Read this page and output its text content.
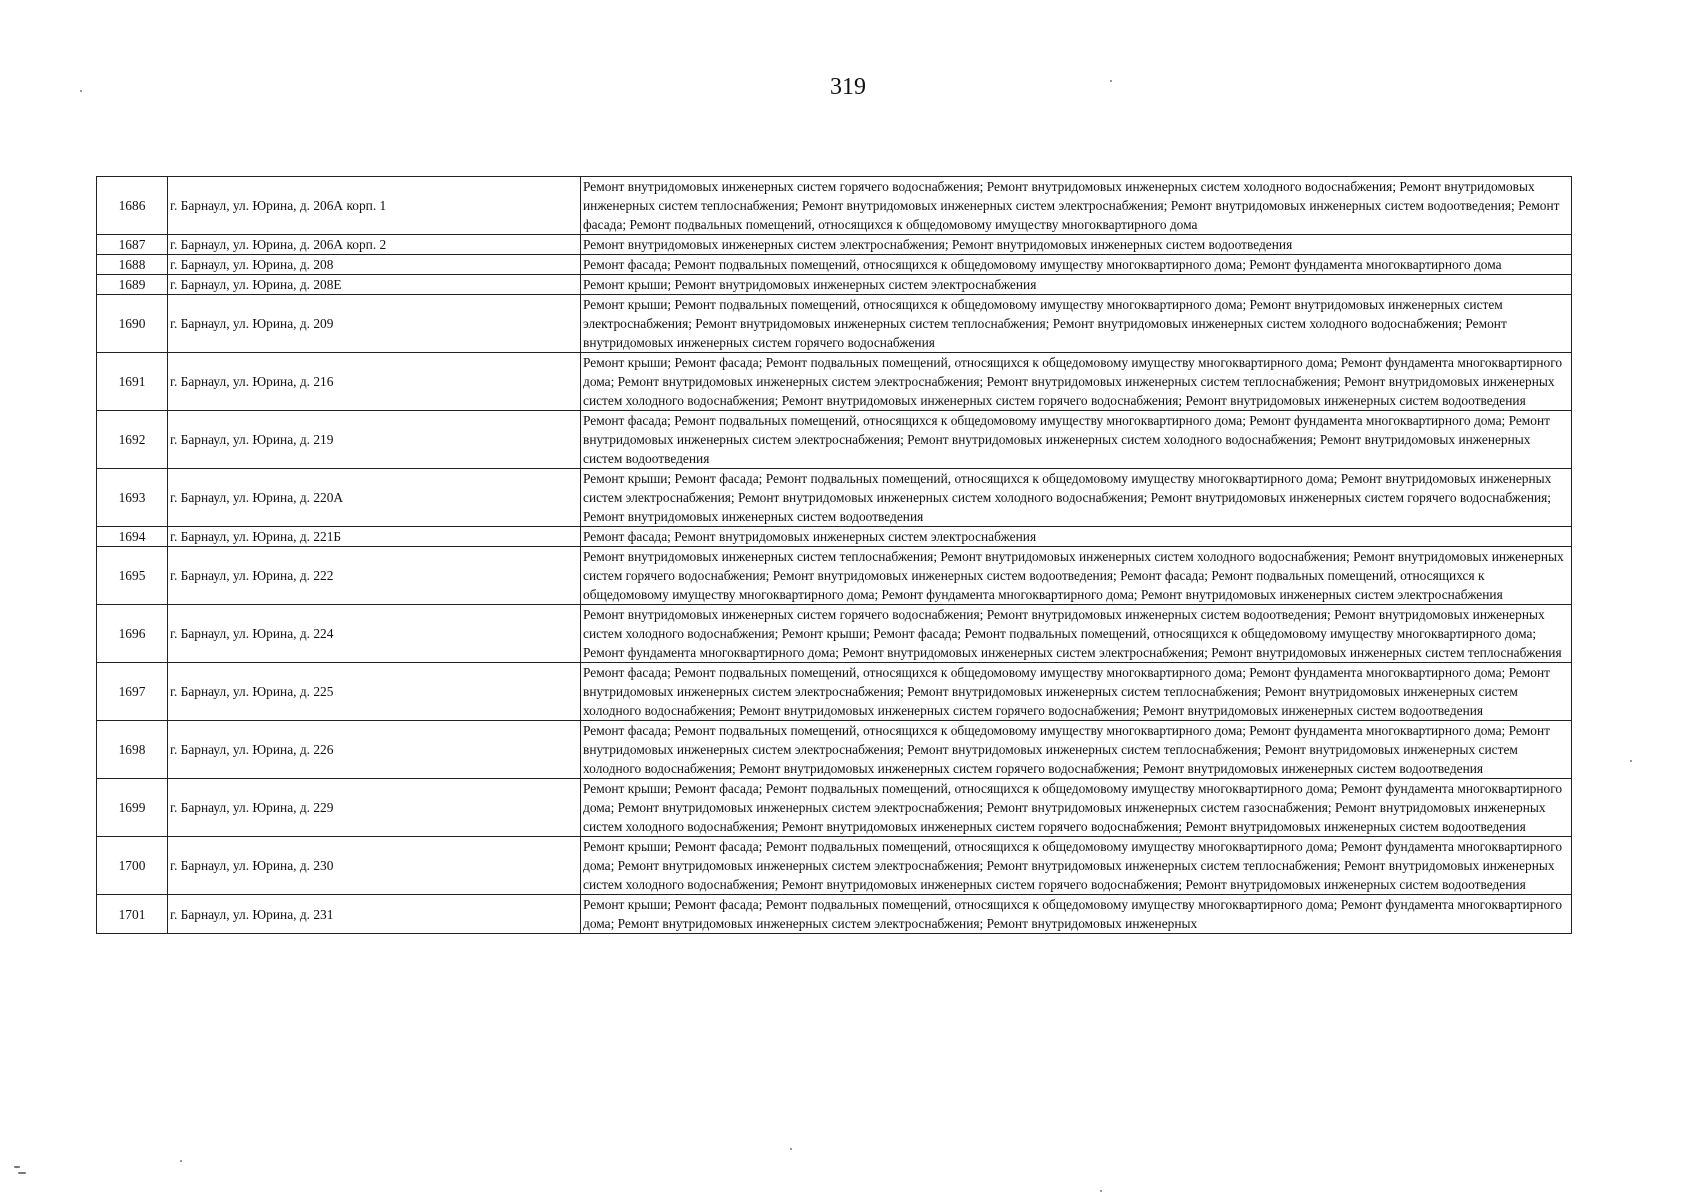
319
1686	г. Барнаул, ул. Юрина, д. 206А корп. 1	Ремонт внутридомовых инженерных систем горячего водоснабжения; Ремонт внутридомовых инженерных систем холодного водоснабжения; Ремонт внутридомовых инженерных систем теплоснабжения; Ремонт внутридомовых инженерных систем электроснабжения; Ремонт внутридомовых инженерных систем водоотведения; Ремонт фасада; Ремонт подвальных помещений, относящихся к общедомовому имуществу многоквартирного дома
1687	г. Барнаул, ул. Юрина, д. 206А корп. 2	Ремонт внутридомовых инженерных систем электроснабжения; Ремонт внутридомовых инженерных систем водоотведения
1688	г. Барнаул, ул. Юрина, д. 208	Ремонт фасада; Ремонт подвальных помещений, относящихся к общедомовому имуществу многоквартирного дома; Ремонт фундамента многоквартирного дома
1689	г. Барнаул, ул. Юрина, д. 208Е	Ремонт крыши; Ремонт внутридомовых инженерных систем электроснабжения
1690	г. Барнаул, ул. Юрина, д. 209	Ремонт крыши; Ремонт подвальных помещений, относящихся к общедомовому имуществу многоквартирного дома; Ремонт внутридомовых инженерных систем электроснабжения; Ремонт внутридомовых инженерных систем теплоснабжения; Ремонт внутридомовых инженерных систем холодного водоснабжения; Ремонт внутридомовых инженерных систем горячего водоснабжения
1691	г. Барнаул, ул. Юрина, д. 216	Ремонт крыши; Ремонт фасада; Ремонт подвальных помещений, относящихся к общедомовому имуществу многоквартирного дома; Ремонт фундамента многоквартирного дома; Ремонт внутридомовых инженерных систем электроснабжения; Ремонт внутридомовых инженерных систем теплоснабжения; Ремонт внутридомовых инженерных систем холодного водоснабжения; Ремонт внутридомовых инженерных систем горячего водоснабжения; Ремонт внутридомовых инженерных систем водоотведения
1692	г. Барнаул, ул. Юрина, д. 219	Ремонт фасада; Ремонт подвальных помещений, относящихся к общедомовому имуществу многоквартирного дома; Ремонт фундамента многоквартирного дома; Ремонт внутридомовых инженерных систем электроснабжения; Ремонт внутридомовых инженерных систем холодного водоснабжения; Ремонт внутридомовых инженерных систем водоотведения
1693	г. Барнаул, ул. Юрина, д. 220А	Ремонт крыши; Ремонт фасада; Ремонт подвальных помещений, относящихся к общедомовому имуществу многоквартирного дома; Ремонт внутридомовых инженерных систем электроснабжения; Ремонт внутридомовых инженерных систем холодного водоснабжения; Ремонт внутридомовых инженерных систем горячего водоснабжения; Ремонт внутридомовых инженерных систем водоотведения
1694	г. Барнаул, ул. Юрина, д. 221Б	Ремонт фасада; Ремонт внутридомовых инженерных систем электроснабжения
1695	г. Барнаул, ул. Юрина, д. 222	Ремонт внутридомовых инженерных систем теплоснабжения; Ремонт внутридомовых инженерных систем холодного водоснабжения; Ремонт внутридомовых инженерных систем горячего водоснабжения; Ремонт внутридомовых инженерных систем водоотведения; Ремонт фасада; Ремонт подвальных помещений, относящихся к общедомовому имуществу многоквартирного дома; Ремонт фундамента многоквартирного дома; Ремонт внутридомовых инженерных систем электроснабжения
1696	г. Барнаул, ул. Юрина, д. 224	Ремонт внутридомовых инженерных систем горячего водоснабжения; Ремонт внутридомовых инженерных систем водоотведения; Ремонт внутридомовых инженерных систем холодного водоснабжения; Ремонт крыши; Ремонт фасада; Ремонт подвальных помещений, относящихся к общедомовому имуществу многоквартирного дома; Ремонт фундамента многоквартирного дома; Ремонт внутридомовых инженерных систем электроснабжения; Ремонт внутридомовых инженерных систем теплоснабжения
1697	г. Барнаул, ул. Юрина, д. 225	Ремонт фасада; Ремонт подвальных помещений, относящихся к общедомовому имуществу многоквартирного дома; Ремонт фундамента многоквартирного дома; Ремонт внутридомовых инженерных систем электроснабжения; Ремонт внутридомовых инженерных систем теплоснабжения; Ремонт внутридомовых инженерных систем холодного водоснабжения; Ремонт внутридомовых инженерных систем горячего водоснабжения; Ремонт внутридомовых инженерных систем водоотведения
1698	г. Барнаул, ул. Юрина, д. 226	Ремонт фасада; Ремонт подвальных помещений, относящихся к общедомовому имуществу многоквартирного дома; Ремонт фундамента многоквартирного дома; Ремонт внутридомовых инженерных систем электроснабжения; Ремонт внутридомовых инженерных систем теплоснабжения; Ремонт внутридомовых инженерных систем холодного водоснабжения; Ремонт внутридомовых инженерных систем горячего водоснабжения; Ремонт внутридомовых инженерных систем водоотведения
1699	г. Барнаул, ул. Юрина, д. 229	Ремонт крыши; Ремонт фасада; Ремонт подвальных помещений, относящихся к общедомовому имуществу многоквартирного дома; Ремонт фундамента многоквартирного дома; Ремонт внутридомовых инженерных систем электроснабжения; Ремонт внутридомовых инженерных систем газоснабжения; Ремонт внутридомовых инженерных систем холодного водоснабжения; Ремонт внутридомовых инженерных систем горячего водоснабжения; Ремонт внутридомовых инженерных систем водоотведения
1700	г. Барнаул, ул. Юрина, д. 230	Ремонт крыши; Ремонт фасада; Ремонт подвальных помещений, относящихся к общедомовому имуществу многоквартирного дома; Ремонт фундамента многоквартирного дома; Ремонт внутридомовых инженерных систем электроснабжения; Ремонт внутридомовых инженерных систем теплоснабжения; Ремонт внутридомовых инженерных систем холодного водоснабжения; Ремонт внутридомовых инженерных систем горячего водоснабжения; Ремонт внутридомовых инженерных систем водоотведения
1701	г. Барнаул, ул. Юрина, д. 231	Ремонт крыши; Ремонт фасада; Ремонт подвальных помещений, относящихся к общедомовому имуществу многоквартирного дома; Ремонт фундамента многоквартирного дома; Ремонт внутридомовых инженерных систем электроснабжения; Ремонт внутридомовых инженерных
